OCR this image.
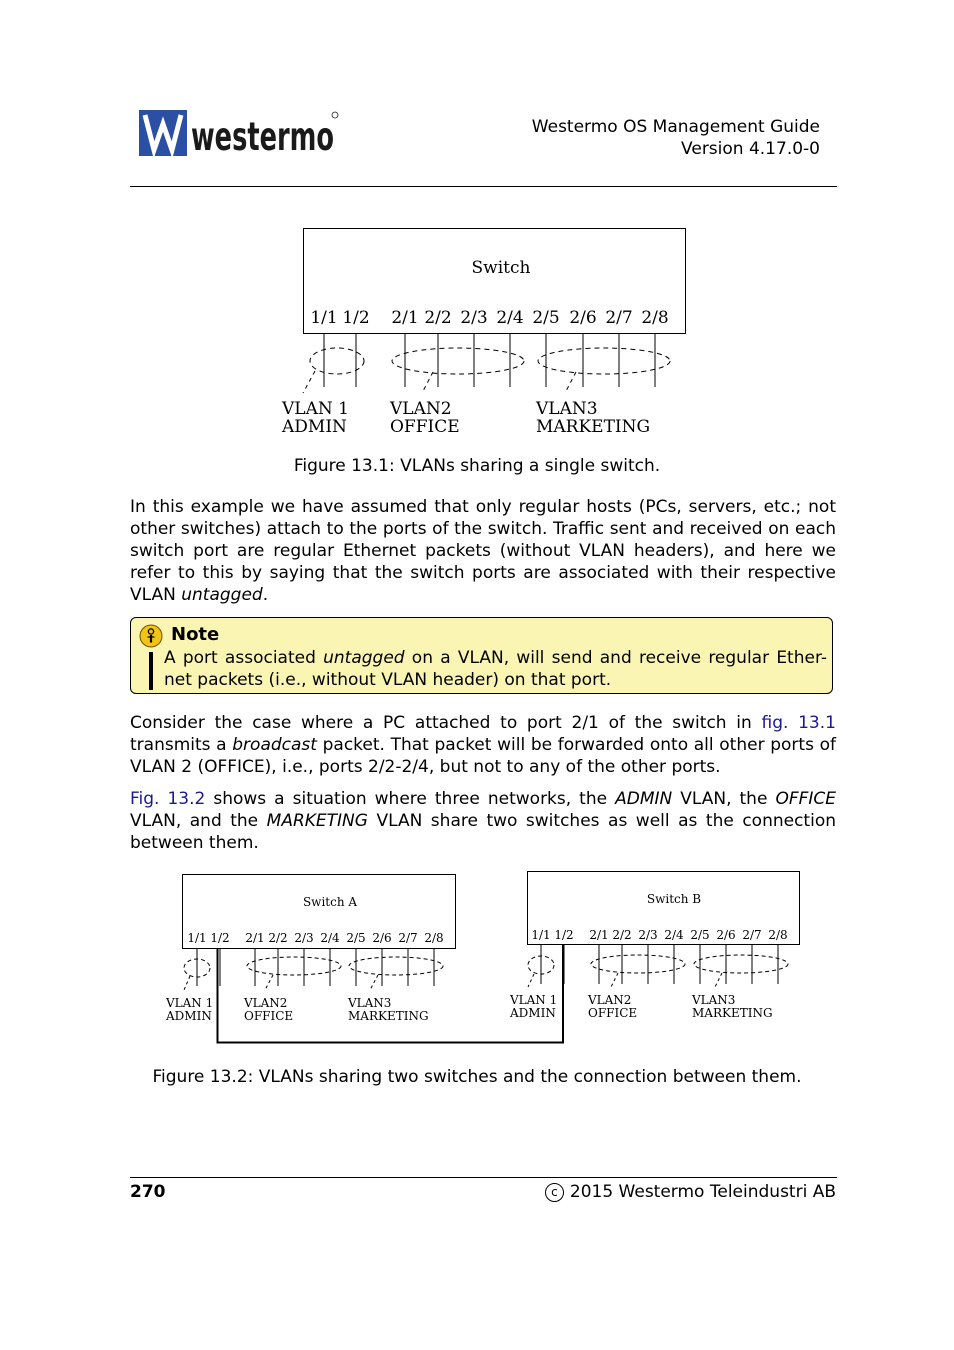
westermo	Westermo OS Management Guide
Version 4.17.0-0
Switch
1/1 1/2 2/1 2/2 2/3 2/4 2/5 2/6 2/7 2/8
VLAN 1
ADMIN
VLAN2
OFFICE
VLAN3
MARKETING
Figure 13.1: VLANs sharing a single switch.
In this example we have assumed that only regular hosts (PCs, servers, etc.; not other switches) attach to the ports of the switch. Traffic sent and received on each switch port are regular Ethernet packets (without VLAN headers), and here we refer to this by saying that the switch ports are associated with their respective VLAN untagged.
Note
A port associated untagged on a VLAN, will send and receive regular Ether-net packets (i.e., without VLAN header) on that port.
Consider the case where a PC attached to port 2/1 of the switch in fig. 13.1 transmits a broadcast packet. That packet will be forwarded onto all other ports of VLAN 2 (OFFICE), i.e., ports 2/2-2/4, but not to any of the other ports.
Fig. 13.2 shows a situation where three networks, the ADMIN VLAN, the OFFICE VLAN, and the MARKETING VLAN share two switches as well as the connection between them.
Switch A	Switch B
1/1 1/2 2/1 2/2 2/3 2/4 2/5 2/6 2/7 2/8	1/1 1/2 2/1 2/2 2/3 2/4 2/5 2/6 2/7 2/8
VLAN 1
ADMIN
VLAN2
OFFICE
VLAN3
MARKETING
VLAN 1
ADMIN
VLAN2
OFFICE
VLAN3
MARKETING
Figure 13.2: VLANs sharing two switches and the connection between them.
270	c 2015 Westermo Teleindustri AB
